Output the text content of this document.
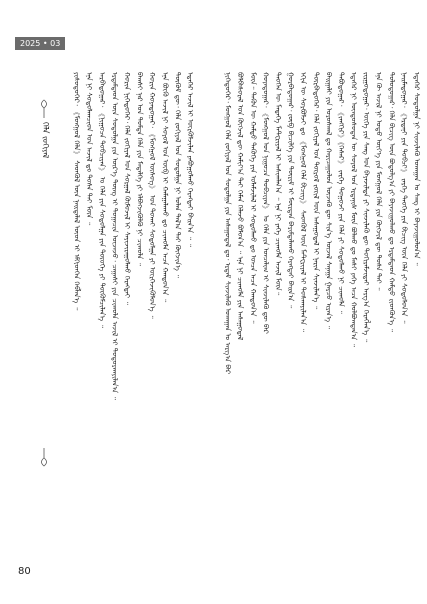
2025 • 03
ᠬᠡᠯᠡ ᠵᠣᠬᠢᠶᠠᠯ	ᠶᠢᠰᠦᠳᠦᠭᠡᠷ᠂ 《ᠮᠣᠩᠭᠣᠯ ᠬᠡᠯᠡ》 ᠰᠡᠳᠬᠦᠯ ᠦᠨ ᠨᠡᠢᠲᠡᠯᠡᠯ ᠦᠳ ᠢ ᠡᠮᠬᠢᠳᠬᠡᠨ ᠬᠡᠪᠯᠡᠨ᠎ᠡ ᠃ ᠡᠨᠡ ᠨᠢ ᠰᠤᠳᠤᠯᠠᠭᠴᠢᠳ ᠤᠨ ᠠᠵᠢᠯ ᠳᠤ ᠲᠤᠰᠠ ᠲᠠᠢ ᠮᠥᠨ ᠃ ᠠᠷᠪᠠᠳᠤᠭᠠᠷ᠂ 《ᠨᠢᠭᠤᠴᠠ ᠲᠣᠪᠴᠢᠶᠠᠨ》 ᠤ ᠬᠡᠯᠡ ᠶᠢᠨ ᠰᠤᠳᠤᠯᠭᠠ ᠶᠢᠨ ᠲᠦᠦᠬᠡ ᠶᠢ ᠳᠦᠭᠦᠮᠴᠢᠯᠡᠨ᠎ᠡ ᠃ ᠡᠷᠳᠡᠮᠲᠡᠳ ᠦᠨ ᠰᠤᠳᠤᠯᠭᠠ ᠶᠢᠨ ᠦᠷ᠎ᠡ ᠳᠦᠩ ᠢ ᠲᠣᠭᠠᠴᠢᠨ ᠦᠵᠡᠵᠦ᠂ ᠴᠠᠭᠠᠰᠢ ᠶᠢᠨ ᠴᠢᠬᠤᠯᠠ ᠠᠵᠢᠯ ᠢ ᠲᠣᠳᠣᠷᠬᠠᠶᠢᠯᠠᠨ᠎ᠠ ᠃ ᠬᠣᠷᠢᠨ ᠨᠢᠭᠡᠳᠦᠭᠡᠷ᠂ ᠬᠡᠯᠡ ᠵᠣᠬᠢᠶᠠᠯ ᠤᠨ ᠰᠤᠷᠭᠠᠯ ᠬᠦᠮᠦᠵᠢᠯ ᠢ ᠰᠠᠶᠢᠵᠢᠷᠠᠭᠤᠯᠬᠤ ᠬᠡᠷᠡᠭᠲᠡᠢ ᠃ ᠪᠠᠭᠰᠢ ᠨᠠᠷ ᠤᠨ ᠳᠤᠮᠳᠠ ᠬᠡᠯᠡ ᠶᠢᠨ ᠮᠡᠳᠡᠯᠭᠡ ᠶᠢ ᠡᠯᠪᠡᠭᠵᠢᠭᠦᠯᠬᠦ ᠨᠢ ᠴᠢᠬᠤᠯᠠ ᠃ ᠬᠣᠷᠢᠨ ᠬᠣᠶᠠᠳᠤᠭᠠᠷ᠂ 《ᠮᠣᠩᠭᠣᠯ ᠦᠰᠦᠭ》 ᠤᠨ ᠲᠤᠬᠠᠢ ᠰᠤᠳᠤᠯᠭᠠ ᠶᠢ ᠥᠷᠭᠡᠵᠢᠭᠦᠯᠦᠨ᠎ᠡ ᠃ ᠡᠨᠡ ᠪᠦᠬᠦ ᠠᠵᠢᠯ ᠨᠢ ᠰᠣᠶᠣᠯ ᠤᠨ ᠥᠪ ᠢ ᠬᠠᠮᠠᠭᠠᠯᠠᠬᠤ ᠳᠤ ᠴᠢᠬᠤᠯᠠ ᠠᠴᠠ ᠬᠠᠨᠳᠤᠨ᠎ᠠ ᠃ ᠳᠦᠭᠦᠮ ᠳᠦ᠂ ᠬᠡᠯᠡ ᠵᠣᠬᠢᠶᠠᠯ ᠤᠨ ᠰᠤᠳᠤᠯᠭᠠ ᠨᠢ ᠣᠯᠠᠨ ᠲᠠᠯ᠎ᠠ ᠲᠠᠢ ᠬᠥᠭᠵᠢᠨ᠎ᠡ ᠃ ᠡᠳᠡᠭᠡᠷ ᠠᠵᠢᠯ ᠢ ᠦᠷᠭᠦᠯᠵᠢᠯᠡᠨ ᠶᠠᠪᠤᠭᠤᠯᠬᠤ ᠬᠡᠷᠡᠭᠲᠡᠢ ᠪᠠᠢᠨ᠎ᠠ ᠃ ᠃	ᠨᠢᠭᠡᠳᠦᠭᠡᠷ᠂ ᠮᠣᠩᠭᠣᠯ ᠬᠡᠯᠡ ᠵᠣᠬᠢᠶᠠᠯ ᠤᠨ ᠰᠣᠳᠣᠯᠭᠠ ᠶᠢᠨ ᠠᠰᠠᠭᠤᠳᠠᠯ ᠳᠤ᠂ ᠡᠷᠳᠡᠮ ᠰᠢᠨᠵᠢᠯᠡᠬᠦ ᠤᠬᠠᠭᠠᠨ ᠤ ᠠᠷᠭ᠎ᠠ ᠪᠠᠷ ᠪᠣᠯᠪᠠᠰᠤᠷᠠᠯ ᠤᠨ ᠬᠥᠭᠵᠢᠯ ᠳᠦ ᠬᠠᠮᠢᠶ᠎ᠠ ᠲᠠᠢ ᠬᠡᠮᠡᠨ ᠬᠡᠯᠡᠵᠦ ᠪᠣᠯᠣᠨ᠎ᠠ ᠃ ᠡᠨᠡ ᠨᠢ ᠴᠢᠬᠤᠯᠠ ᠶᠢᠨ ᠠᠰᠠᠭᠤᠳᠠᠯ ᠮᠥᠨ᠃ ᠲᠡᠭᠦᠨ ᠦ ᠬᠠᠮᠲᠤ ᠲᠡᠭᠦᠬᠡ ᠶᠢᠨ ᠤᠯᠠᠮᠵᠢᠯᠠᠯ ᠢ ᠰᠤᠳᠤᠯᠬᠤ ᠳᠤ ᠣᠨᠴᠠ ᠠᠴᠠ ᠬᠠᠨᠳᠤᠨ᠎ᠠ ᠃ ᠬᠣᠶᠠᠳᠤᠭᠠᠷ᠂ 《ᠮᠣᠩᠭᠣᠯ ᠤᠨ ᠨᠢᠭᠤᠴᠠ ᠲᠣᠪᠴᠢᠶᠠᠨ》 ᠤ ᠬᠡᠯᠡ ᠶᠢᠨ ᠣᠨᠴᠠᠯᠢᠭ ᠢ ᠰᠢᠨᠵᠢᠯᠡᠬᠦ ᠳᠦ ᠪᠠᠷ ᠲᠡᠦᠬᠡᠨ ᠦ ᠮᠡᠳᠡᠭᠡ ᠮᠠᠲ᠋ᠧᠷᠢᠶᠠᠯ ᠢ ᠠᠰᠢᠭᠯᠠᠨ᠎ᠠ ᠃ ᠡᠨᠡ ᠨᠢ ᠶᠡᠬᠡ ᠴᠢᠬᠤᠯᠠ ᠠᠵᠢᠯ ᠮᠥᠨ᠃ ᠭᠤᠷᠪᠠᠳᠤᠭᠠᠷ᠂ ᠵᠥᠪ ᠪᠢᠴᠢᠯᠭᠡ ᠶᠢᠨ ᠳᠦᠷᠢᠮ ᠢ ᠮᠥᠷᠳᠡᠨ ᠪᠠᠷᠢᠮᠲᠠᠯᠠᠬᠤ ᠬᠡᠷᠡᠭᠲᠡᠢ ᠪᠠᠢᠨ᠎ᠠ ᠃ ᠡᠬᠢᠨ ᠦ ᠰᠤᠷᠪᠤᠯᠵᠢ ᠳᠤ 《ᠮᠣᠩᠭᠣᠯ ᠬᠡᠯᠡ ᠪᠢᠴᠢᠭ᠌》 ᠰᠡᠳᠭᠦᠯ ᠦᠨ ᠮᠠᠲ᠋ᠧᠷᠢᠶᠠᠯ ᠢ ᠲᠤᠰᠬᠠᠶᠢᠯᠠᠨ᠎ᠠ ᠃ ᠳᠥᠷᠪᠡᠳᠦᠭᠡᠷ᠂ ᠬᠡᠯᠡ ᠵᠣᠬᠢᠶᠠᠯ ᠤᠨ ᠲᠥᠷᠦᠯ ᠵᠦᠢᠯ ᠦᠨ ᠠᠰᠠᠭᠤᠳᠠᠯ ᠢ ᠨᠠᠷᠢᠨ ᠰᠢᠨᠵᠢᠯᠡᠨ᠎ᠡ ᠃ ᠪᠠᠢᠭᠠᠯᠢ ᠶᠢᠨ ᠤᠷᠤᠰᠬᠠᠯ ᠳᠤ ᠬᠠᠷᠢᠴᠠᠭᠤᠯᠤᠨ ᠦᠵᠡᠬᠦ ᠳᠦ ᠰᠢᠨ᠎ᠡ ᠦᠵᠡᠯ ᠰᠠᠨᠠᠭᠠ ᠭᠠᠷᠴᠤ ᠢᠷᠡᠨ᠎ᠡ ᠃ ᠲᠠᠪᠣᠳᠤᠭᠠᠷ᠂ 《ᠵᠠᠩᠭᠢᠷ》《ᠭᠡᠰᠡᠷ》 ᠵᠡᠷᠭᠡ ᠲᠤᠭᠤᠵᠢ ᠶᠢᠨ ᠬᠡᠯᠡ ᠶᠢ ᠰᠤᠳᠤᠯᠬᠤ ᠨᠢ ᠴᠢᠬᠤᠯᠠ ᠃ ᠡᠳᠡᠭᠡᠷ ᠨᠢ ᠦᠨᠳᠦᠰᠦᠲᠡᠨ ᠦ ᠰᠣᠶᠣᠯ ᠤᠨ ᠡᠷᠳᠡᠨᠢᠰ ᠮᠥᠨ ᠪᠣᠯᠬᠤ ᠳᠤ ᠮᠠᠰᠢ ᠶᠡᠬᠡ ᠠᠴᠠ ᠬᠣᠯᠪᠣᠭᠳᠠᠨ᠎ᠠ ᠃ ᠵᠢᠷᠭᠤᠳᠤᠭᠠᠷ᠂ ᠦᠭᠡ ᠶᠢᠨ ᠰᠠᠩ ᠤᠨ ᠪᠠᠶᠠᠵᠢᠯᠲᠠ ᠶᠢ ᠰᠢᠨᠵᠢᠯᠡᠬᠦ ᠳᠦ ᠲᠣᠬᠢᠷᠠᠮᠵᠢᠲᠠᠢ ᠠᠷᠭ᠎ᠠ ᠬᠡᠷᠡᠭᠯᠡᠨ᠎ᠡ ᠃ ᠡᠨᠡ ᠬᠦ ᠠᠵᠢᠯ ᠨᠢ ᠣᠳᠣ ᠦᠶ᠎ᠡ ᠶᠢᠨ ᠮᠣᠩᠭᠣᠯ ᠬᠡᠯᠡ ᠶᠢᠨ ᠬᠥᠭᠵᠢᠯ ᠳᠦ ᠲᠤᠰᠠ ᠲᠠᠢ ᠃ ᠳᠣᠯᠣᠳᠤᠭᠠᠷ᠂ ᠬᠡᠯᠡ ᠪᠢᠴᠢᠭ ᠦᠨ ᠪᠣᠳᠤᠯᠭ᠎ᠠ ᠶᠢ ᠪᠠᠶᠠᠵᠢᠭᠤᠯᠬᠤ ᠳᠤ ᠡᠷᠳᠡᠮᠲᠡᠳ ᠬᠠᠮᠲᠤ ᠵᠢᠳᠬᠦᠨ᠎ᠡ ᠃ ᠨᠠᠢᠮᠠᠳᠤᠭᠠᠷ᠂ 《ᠡᠷᠳᠡᠨᠢ ᠶᠢᠨ ᠲᠣᠪᠴᠢ》 ᠵᠡᠷᠭᠡ ᠲᠡᠦᠬᠡ ᠶᠢᠨ ᠪᠢᠴᠢᠭ ᠦᠨ ᠬᠡᠯᠡ ᠶᠢ ᠰᠤᠳᠤᠯᠤᠨ᠎ᠠ ᠃ ᠡᠳᠡᠭᠡᠷ ᠰᠤᠳᠤᠯᠭᠠ ᠨᠢ ᠰᠢᠨᠵᠢᠯᠡᠬᠦ ᠤᠬᠠᠭᠠᠨ ᠤ ᠰᠠᠩ ᠢ ᠪᠠᠶᠠᠵᠢᠭᠤᠯᠤᠨ᠎ᠠ ᠃
80
